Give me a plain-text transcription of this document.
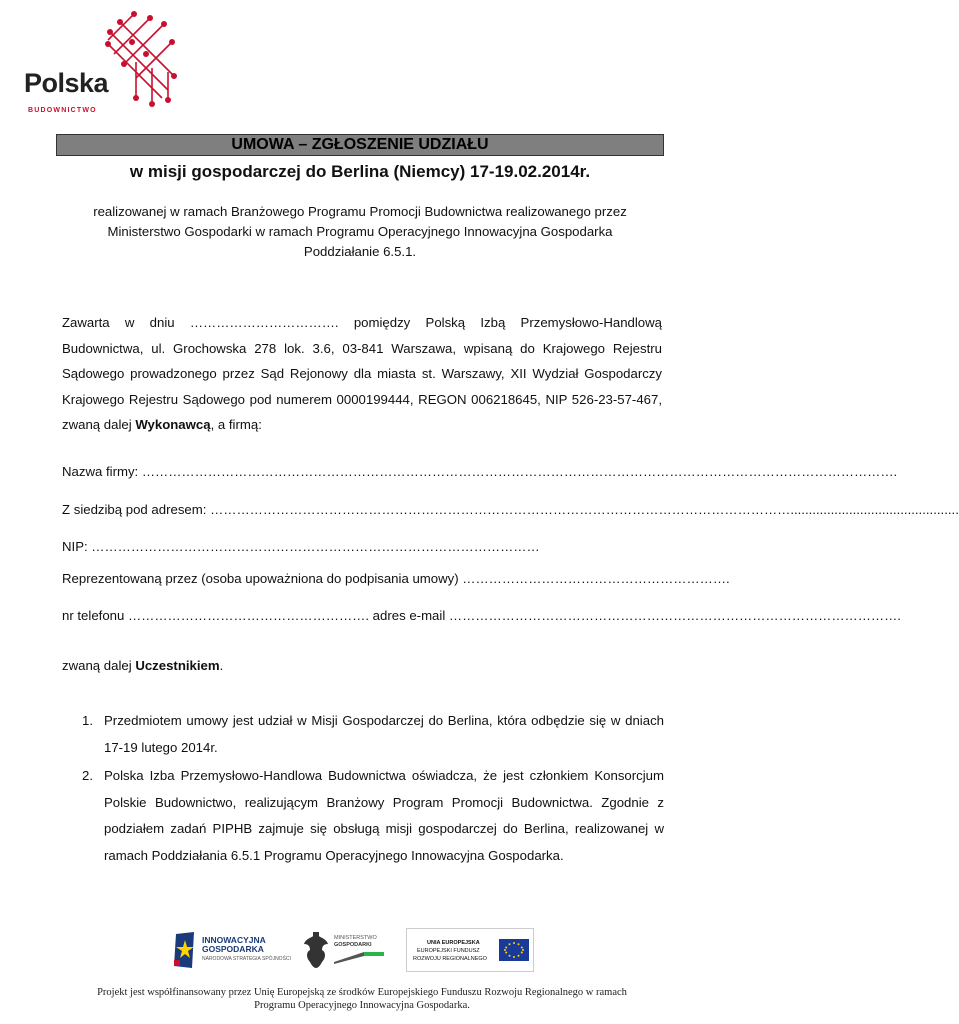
Polska
BUDOWNICTWO
UMOWA – ZGŁOSZENIE UDZIAŁU
w misji gospodarczej do Berlina (Niemcy) 17-19.02.2014r.
realizowanej w ramach Branżowego Programu Promocji Budownictwa realizowanego przez
Ministerstwo Gospodarki w ramach Programu Operacyjnego Innowacyjna Gospodarka
Poddziałanie 6.5.1.
Zawarta w dniu ……………………………. pomiędzy Polską Izbą Przemysłowo-Handlową Budownictwa, ul. Grochowska 278 lok. 3.6, 03-841 Warszawa, wpisaną do Krajowego Rejestru Sądowego prowadzonego przez Sąd Rejonowy dla miasta st. Warszawy, XII Wydział Gospodarczy Krajowego Rejestru Sądowego pod numerem 0000199444, REGON 006218645, NIP 526-23-57-467, zwaną dalej Wykonawcą, a firmą:
Nazwa firmy: ……………………………………………………………………………………………………………………………………………………….
Z siedzibą pod adresem: ……………………………………………………………………………………………………………………..............................................
NIP: …………………………………………………………………………………………
Reprezentowaną przez (osoba upoważniona do podpisania umowy) …………………………………………………….
nr telefonu ………………………………………………. adres e-mail ………………………………………………………………………………………….
zwaną dalej Uczestnikiem.
1. Przedmiotem umowy jest udział w Misji Gospodarczej do Berlina, która odbędzie się w dniach 17-19 lutego 2014r.
2. Polska Izba Przemysłowo-Handlowa Budownictwa oświadcza, że jest członkiem Konsorcjum Polskie Budownictwo, realizującym Branżowy Program Promocji Budownictwa. Zgodnie z podziałem zadań PIPHB zajmuje się obsługą misji gospodarczej do Berlina, realizowanej w ramach Poddziałania 6.5.1 Programu Operacyjnego Innowacyjna Gospodarka.
INNOWACYJNA
GOSPODARKA
NARODOWA STRATEGIA SPÓJNOŚCI
MINISTERSTWO
GOSPODARKI	UNIA EUROPEJSKA
EUROPEJSKI FUNDUSZ
ROZWOJU REGIONALNEGO
Projekt jest współfinansowany przez Unię Europejską ze środków Europejskiego Funduszu Rozwoju Regionalnego w ramach
Programu Operacyjnego Innowacyjna Gospodarka.
